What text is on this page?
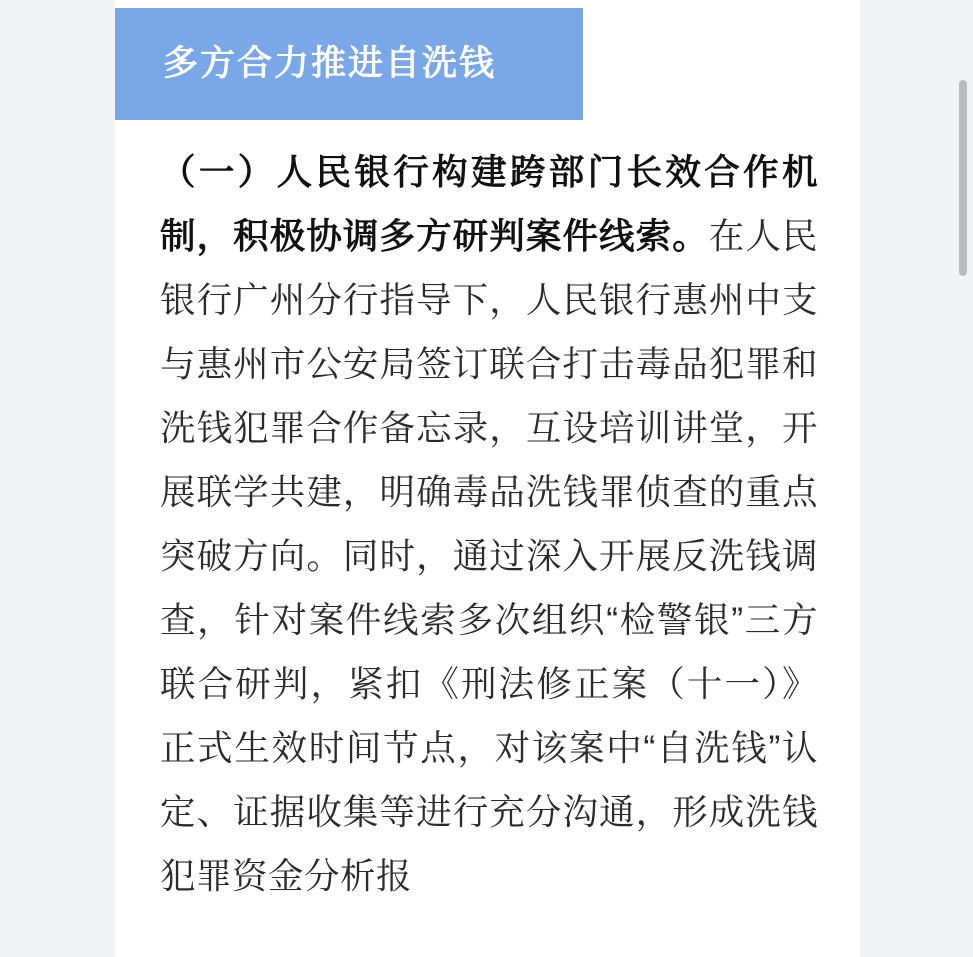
多方合力推进自洗钱

（一）人民银行构建跨部门长效合作机制，积极协调多方研判案件线索。在人民银行广州分行指导下，人民银行惠州中支与惠州市公安局签订联合打击毒品犯罪和洗钱犯罪合作备忘录，互设培训讲堂，开展联学共建，明确毒品洗钱罪侦查的重点突破方向。同时，通过深入开展反洗钱调查，针对案件线索多次组织“检警银”三方联合研判，紧扣《刑法修正案（十一）》正式生效时间节点，对该案中“自洗钱”认定、证据收集等进行充分沟通，形成洗钱犯罪资金分析报
